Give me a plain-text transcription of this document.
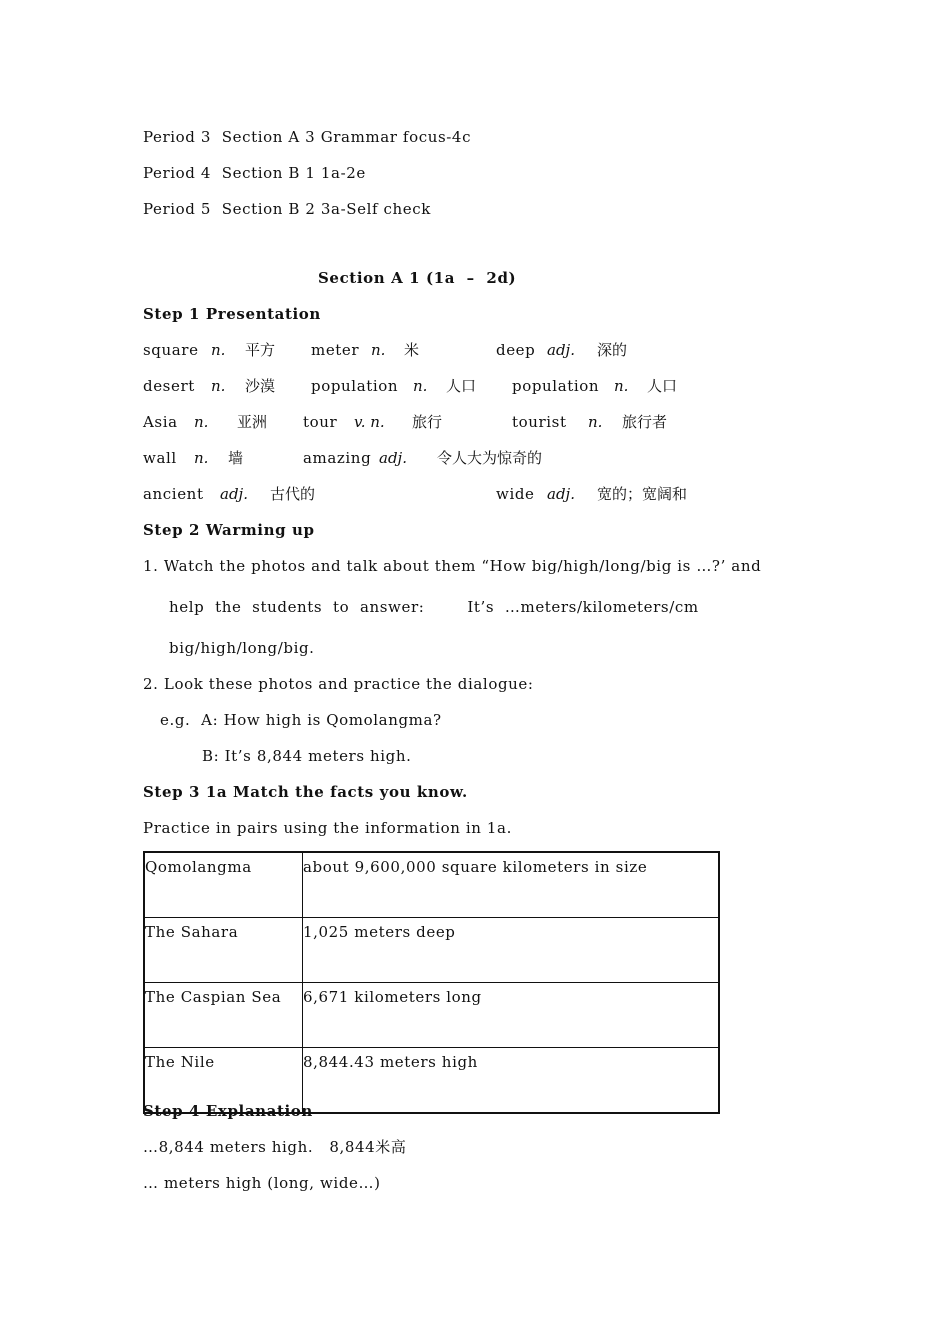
Period 3  Section A 3 Grammar focus-4c
Period 4  Section B 1 1a-2e
Period 5  Section B 2 3a-Self check
Section A 1 (1a  –  2d)
Step 1 Presentation
square n. 平方 meter n. 米	deep adj. 深的
desert n. 沙漠 population n. 人口 population n. 人口
Asia n. 亚洲 tour v. n. 旅行	tourist n. 旅行者
wall n. 墙	amazing adj. 令人大为惊奇的
ancient adj. 古代的	wide adj. 宽的；宽阔和
Step 2 Warming up
1. Watch the photos and talk about them “How big/high/long/big is …?’ and
help  the  students  to  answer:        It’s  …meters/kilometers/cm
big/high/long/big.
2. Look these photos and practice the dialogue:
e.g.  A: How high is Qomolangma?
B: It’s 8,844 meters high.
Step 3 1a Match the facts you know.
Practice in pairs using the information in 1a.
Qomolangma	about 9,600,000 square kilometers in size
The Sahara	1,025 meters deep
The Caspian Sea	6,671 kilometers long
The Nile	8,844.43 meters high
Step 4 Explanation
…8,844 meters high.   8,844米高
… meters high (long, wide…)
